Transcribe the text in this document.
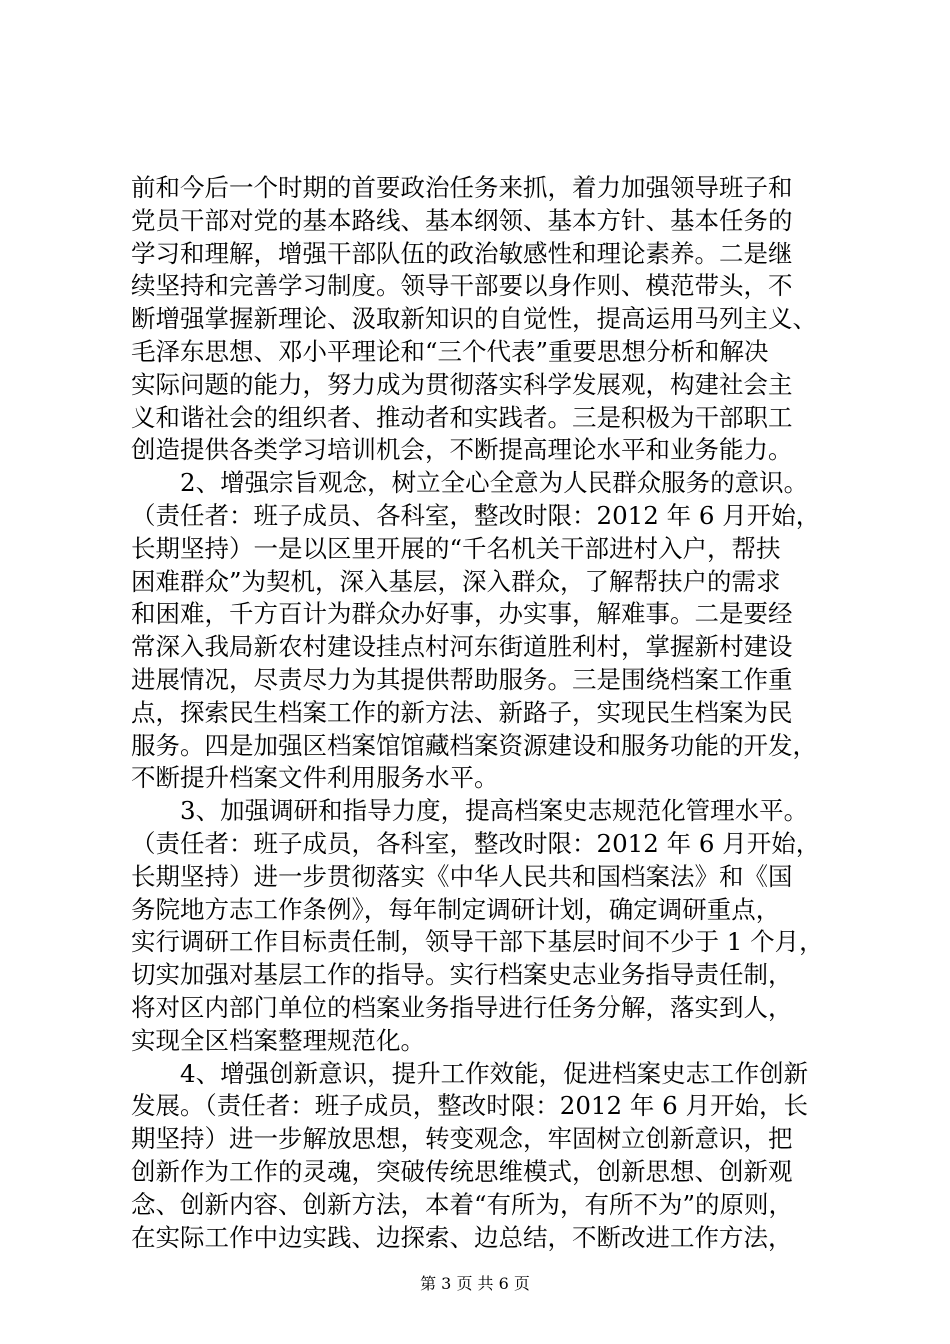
前和今后一个时期的首要政治任务来抓，着力加强领导班子和
党员干部对党的基本路线、基本纲领、基本方针、基本任务的
学习和理解，增强干部队伍的政治敏感性和理论素养。二是继
续坚持和完善学习制度。领导干部要以身作则、模范带头，不
断增强掌握新理论、汲取新知识的自觉性，提高运用马列主义、
毛泽东思想、邓小平理论和“三个代表”重要思想分析和解决
实际问题的能力，努力成为贯彻落实科学发展观，构建社会主
义和谐社会的组织者、推动者和实践者。三是积极为干部职工
创造提供各类学习培训机会，不断提高理论水平和业务能力。
2、增强宗旨观念，树立全心全意为人民群众服务的意识。
（责任者：班子成员、各科室，整改时限：2012 年 6 月开始，
长期坚持）一是以区里开展的“千名机关干部进村入户，帮扶
困难群众”为契机，深入基层，深入群众，了解帮扶户的需求
和困难，千方百计为群众办好事，办实事，解难事。二是要经
常深入我局新农村建设挂点村河东街道胜利村，掌握新村建设
进展情况，尽责尽力为其提供帮助服务。三是围绕档案工作重
点，探索民生档案工作的新方法、新路子，实现民生档案为民
服务。四是加强区档案馆馆藏档案资源建设和服务功能的开发，
不断提升档案文件利用服务水平。
3、加强调研和指导力度，提高档案史志规范化管理水平。
（责任者：班子成员，各科室，整改时限：2012 年 6 月开始，
长期坚持）进一步贯彻落实《中华人民共和国档案法》和《国
务院地方志工作条例》，每年制定调研计划，确定调研重点，
实行调研工作目标责任制，领导干部下基层时间不少于 1 个月，
切实加强对基层工作的指导。实行档案史志业务指导责任制，
将对区内部门单位的档案业务指导进行任务分解，落实到人，
实现全区档案整理规范化。
4、增强创新意识，提升工作效能，促进档案史志工作创新
发展。（责任者：班子成员，整改时限：2012 年 6 月开始，长
期坚持）进一步解放思想，转变观念，牢固树立创新意识，把
创新作为工作的灵魂，突破传统思维模式，创新思想、创新观
念、创新内容、创新方法，本着“有所为，有所不为”的原则，
在实际工作中边实践、边探索、边总结，不断改进工作方法，
第 3 页 共 6 页
